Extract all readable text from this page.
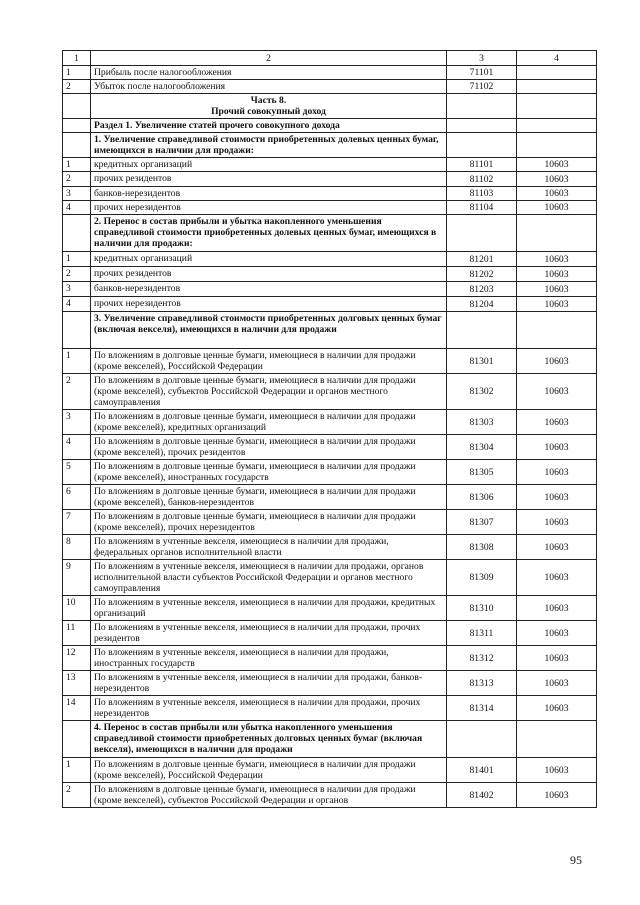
1	2	3	4
1	Прибыль после налогообложения	71101	
2	Убыток после налогообложения	71102	
	Часть 8.
Прочий совокупный доход		
	Раздел 1. Увеличение статей прочего совокупного дохода		
	1. Увеличение справедливой стоимости приобретенных долевых ценных бумаг, имеющихся в наличии для продажи:		
1	кредитных организаций	81101	10603
2	прочих резидентов	81102	10603
3	банков-нерезидентов	81103	10603
4	прочих нерезидентов	81104	10603
	2. Перенос в состав прибыли и убытка накопленного уменьшения справедливой стоимости приобретенных долевых ценных бумаг, имеющихся в наличии для продажи:		
1	кредитных организаций	81201	10603
2	прочих резидентов	81202	10603
3	банков-нерезидентов	81203	10603
4	прочих нерезидентов	81204	10603
	3. Увеличение справедливой стоимости приобретенных долговых ценных бумаг (включая векселя), имеющихся в наличии для продажи		
1	По вложениям в долговые ценные бумаги, имеющиеся в наличии для продажи (кроме векселей), Российской Федерации	81301	10603
2	По вложениям в долговые ценные бумаги, имеющиеся в наличии для продажи (кроме векселей), субъектов Российской Федерации и органов местного самоуправления	81302	10603
3	По вложениям в долговые ценные бумаги, имеющиеся в наличии для продажи (кроме векселей), кредитных организаций	81303	10603
4	По вложениям в долговые ценные бумаги, имеющиеся в наличии для продажи (кроме векселей), прочих резидентов	81304	10603
5	По вложениям в долговые ценные бумаги, имеющиеся в наличии для продажи (кроме векселей), иностранных государств	81305	10603
6	По вложениям в долговые ценные бумаги, имеющиеся в наличии для продажи (кроме векселей), банков-нерезидентов	81306	10603
7	По вложениям в долговые ценные бумаги, имеющиеся в наличии для продажи (кроме векселей), прочих нерезидентов	81307	10603
8	По вложениям в учтенные векселя, имеющиеся в наличии для продажи, федеральных органов исполнительной власти	81308	10603
9	По вложениям в учтенные векселя, имеющиеся в наличии для продажи, органов исполнительной власти субъектов Российской Федерации и органов местного самоуправления	81309	10603
10	По вложениям в учтенные векселя, имеющиеся в наличии для продажи, кредитных организаций	81310	10603
11	По вложениям в учтенные векселя, имеющиеся в наличии для продажи, прочих резидентов	81311	10603
12	По вложениям в учтенные векселя, имеющиеся в наличии для продажи, иностранных государств	81312	10603
13	По вложениям в учтенные векселя, имеющиеся в наличии для продажи, банков-нерезидентов	81313	10603
14	По вложениям в учтенные векселя, имеющиеся в наличии для продажи, прочих нерезидентов	81314	10603
	4. Перенос в состав прибыли или убытка накопленного уменьшения справедливой стоимости приобретенных долговых ценных бумаг (включая векселя), имеющихся в наличии для продажи		
1	По вложениям в долговые ценные бумаги, имеющиеся в наличии для продажи (кроме векселей), Российской Федерации	81401	10603
2	По вложениям в долговые ценные бумаги, имеющиеся в наличии для продажи (кроме векселей), субъектов Российской Федерации и органов	81402	10603
95
